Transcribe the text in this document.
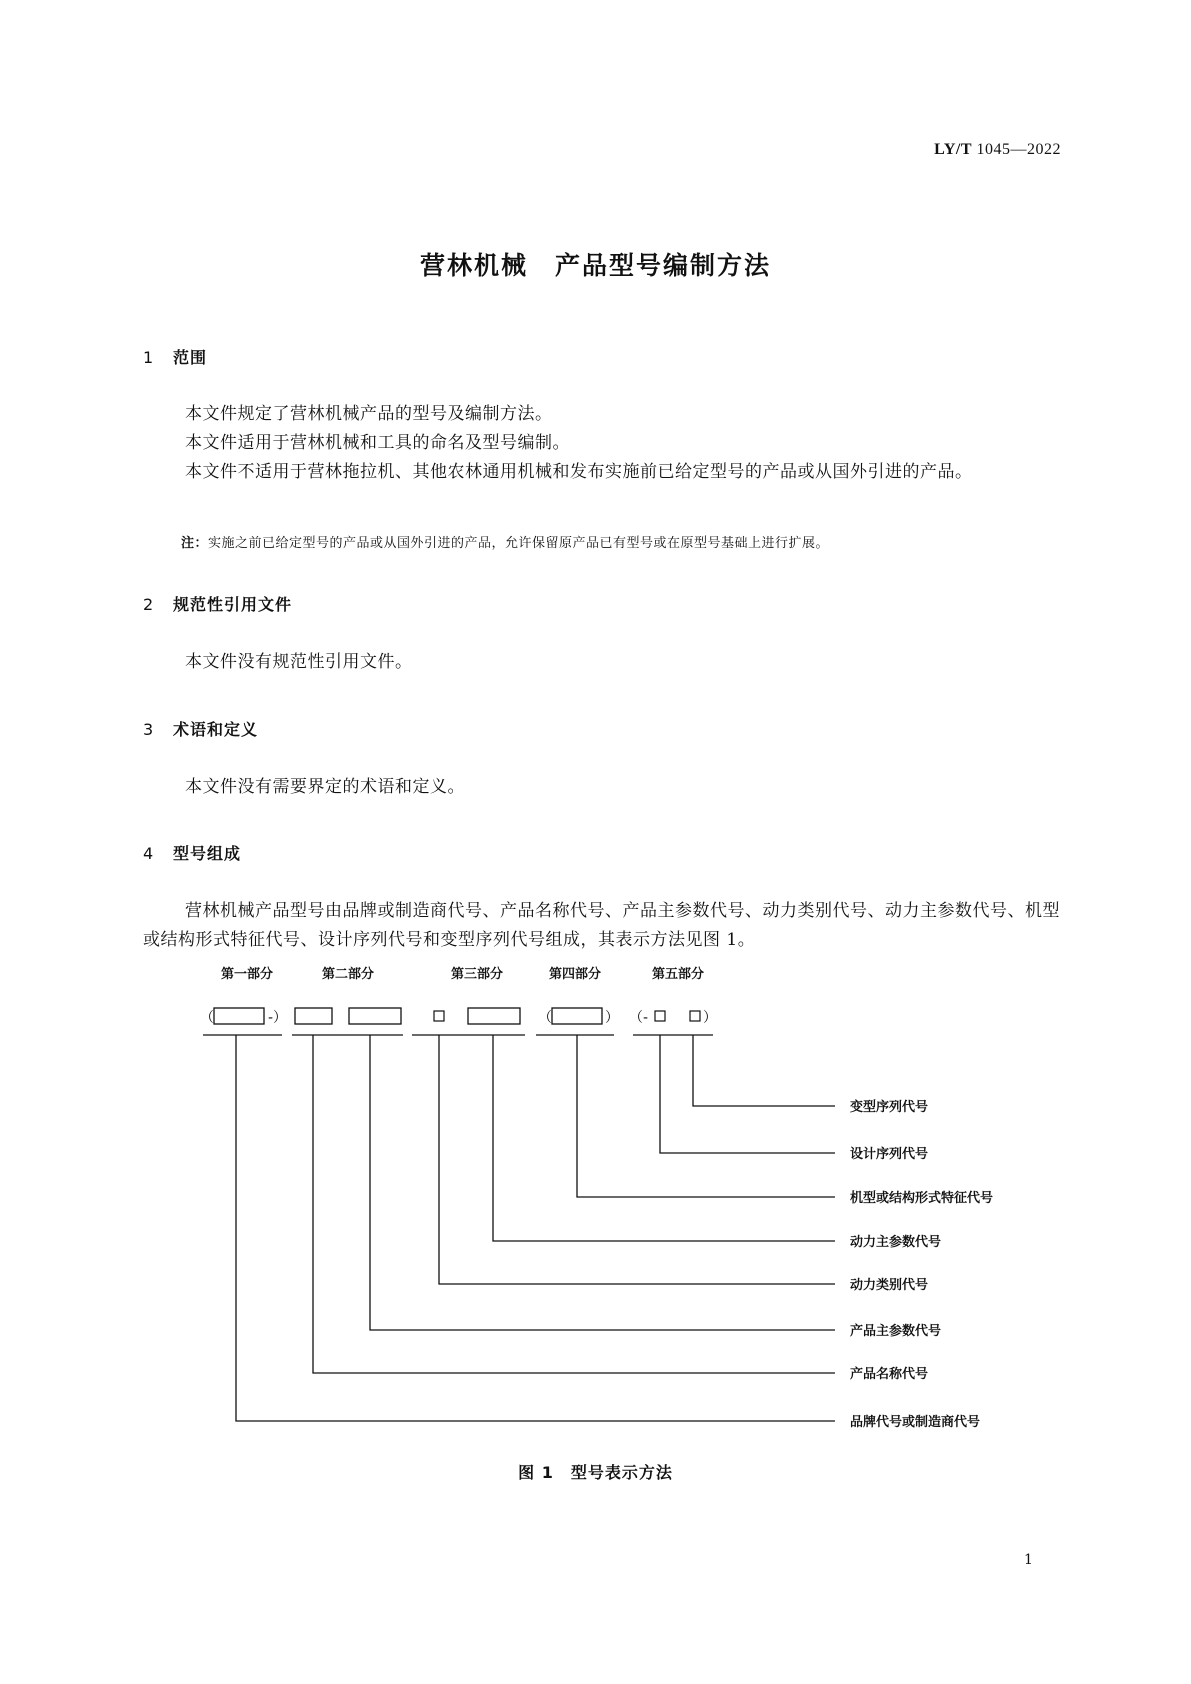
LY/T 1045—2022
营林机械　产品型号编制方法
1 范围
本文件规定了营林机械产品的型号及编制方法。
本文件适用于营林机械和工具的命名及型号编制。
本文件不适用于营林拖拉机、其他农林通用机械和发布实施前已给定型号的产品或从国外引进的产品。
注：实施之前已给定型号的产品或从国外引进的产品，允许保留原产品已有型号或在原型号基础上进行扩展。
2 规范性引用文件
本文件没有规范性引用文件。
3 术语和定义
本文件没有需要界定的术语和定义。
4 型号组成
营林机械产品型号由品牌或制造商代号、产品名称代号、产品主参数代号、动力类别代号、动力主参数代号、机型或结构形式特征代号、设计序列代号和变型序列代号组成，其表示方法见图 1。
第一部分	第二部分	第三部分	第四部分	第五部分
（	-）	（	） （-	）
变型序列代号
设计序列代号
机型或结构形式特征代号
动力主参数代号
动力类别代号
产品主参数代号
产品名称代号
品牌代号或制造商代号
图 1　 型号表示方法
1
